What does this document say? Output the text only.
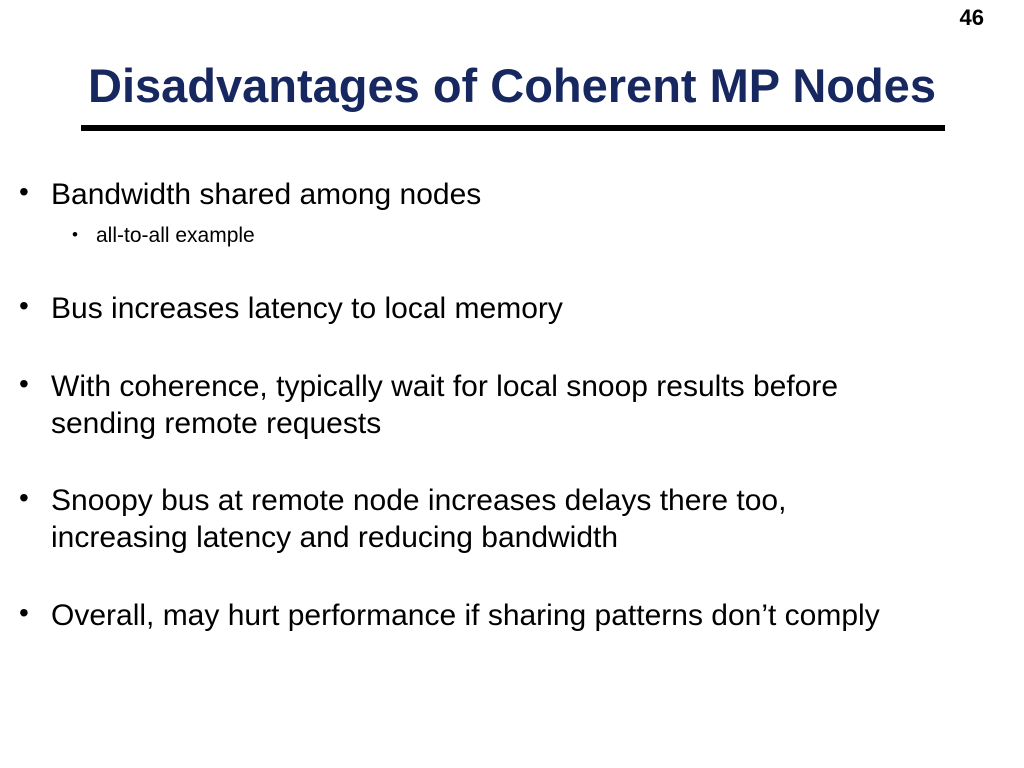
46
Disadvantages of Coherent MP Nodes
• Bandwidth shared among nodes
• all-to-all example
• Bus increases latency to local memory
• With coherence, typically wait for local snoop results before
sending remote requests
• Snoopy bus at remote node increases delays there too,
increasing latency and reducing bandwidth
• Overall, may hurt performance if sharing patterns don’t comply
